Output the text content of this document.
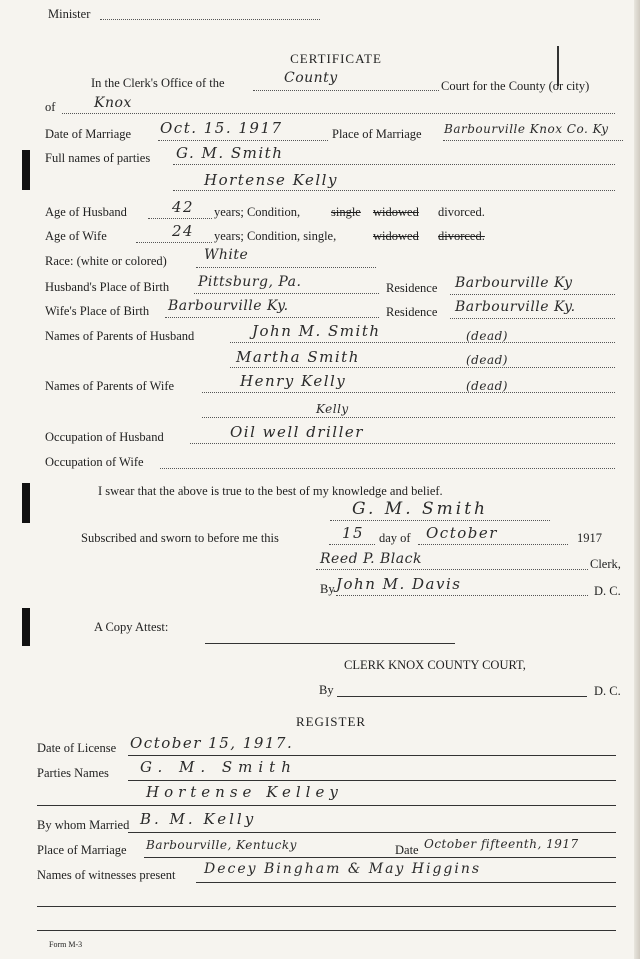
Minister
CERTIFICATE
In the Clerk's Office of the	County	Court for the County (or city)
of	Knox
Date of Marriage Oct. 15. 1917	Place of Marriage Barbourville Knox Co. Ky
Full names of parties G. M. Smith
Hortense Kelly
Age of Husband	42 years; Condition, single widowed divorced.
Age of Wife	24 years; Condition, single,	widowed divorced.
Race: (white or colored)	White
Husband's Place of Birth Pittsburg, Pa.	Residence Barbourville Ky
Wife's Place of Birth Barbourville Ky.	Residence Barbourville Ky.
Names of Parents of Husband	John M. Smith	(dead)
Martha Smith	(dead)
Names of Parents of Wife	Henry Kelly	(dead)
Kelly
Occupation of Husband	Oil well driller
Occupation of Wife
I swear that the above is true to the best of my knowledge and belief.
G. M. Smith
Subscribed and sworn to before me this	15 day of October	1917
Reed P. Black	Clerk,
By John M. Davis	D. C.
A Copy Attest:
CLERK KNOX COUNTY COURT,
By	D. C.
REGISTER
Date of License October 15, 1917.
Parties Names G. M. Smith
Hortense Kelley
By whom Married B. M. Kelly
Place of Marriage Barbourville, Kentucky	Date October fifteenth, 1917
Names of witnesses present Decey Bingham & May Higgins
Form M-3
